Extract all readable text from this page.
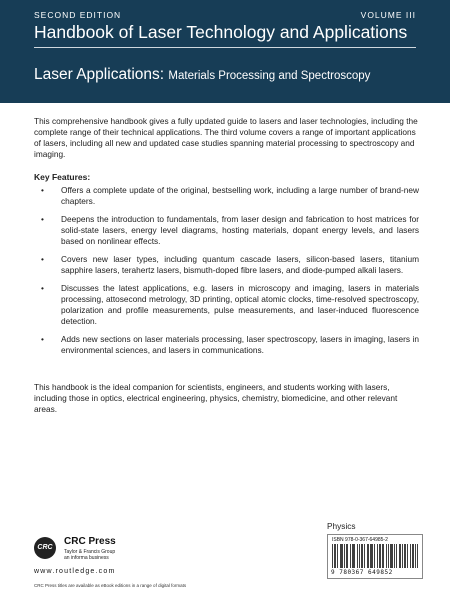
SECOND EDITION	VOLUME III
Handbook of Laser Technology and Applications
Laser Applications: Materials Processing and Spectroscopy
This comprehensive handbook gives a fully updated guide to lasers and laser technologies, including the complete range of their technical applications. The third volume covers a range of important applications of lasers, including all new and updated case studies spanning material processing to spectroscopy and imaging.
Key Features:
• Offers a complete update of the original, bestselling work, including a large number of brand-new chapters.
• Deepens the introduction to fundamentals, from laser design and fabrication to host matrices for solid-state lasers, energy level diagrams, hosting materials, dopant energy levels, and lasers based on nonlinear effects.
• Covers new laser types, including quantum cascade lasers, silicon-based lasers, titanium sapphire lasers, terahertz lasers, bismuth-doped fibre lasers, and diode-pumped alkali lasers.
• Discusses the latest applications, e.g. lasers in microscopy and imaging, lasers in materials processing, attosecond metrology, 3D printing, optical atomic clocks, time-resolved spectroscopy, polarization and profile measurements, pulse measurements, and laser-induced fluorescence detection.
• Adds new sections on laser materials processing, laser spectroscopy, lasers in imaging, lasers in environmental sciences, and lasers in communications.
This handbook is the ideal companion for scientists, engineers, and students working with lasers, including those in optics, electrical engineering, physics, chemistry, biomedicine, and other relevant areas.
CRC
CRC Press
Taylor & Francis Group
an informa business
www.routledge.com
CRC Press titles are available as eBook editions in a range of digital formats
Physics
ISBN 978-0-367-64985-2
9 780367 649852
